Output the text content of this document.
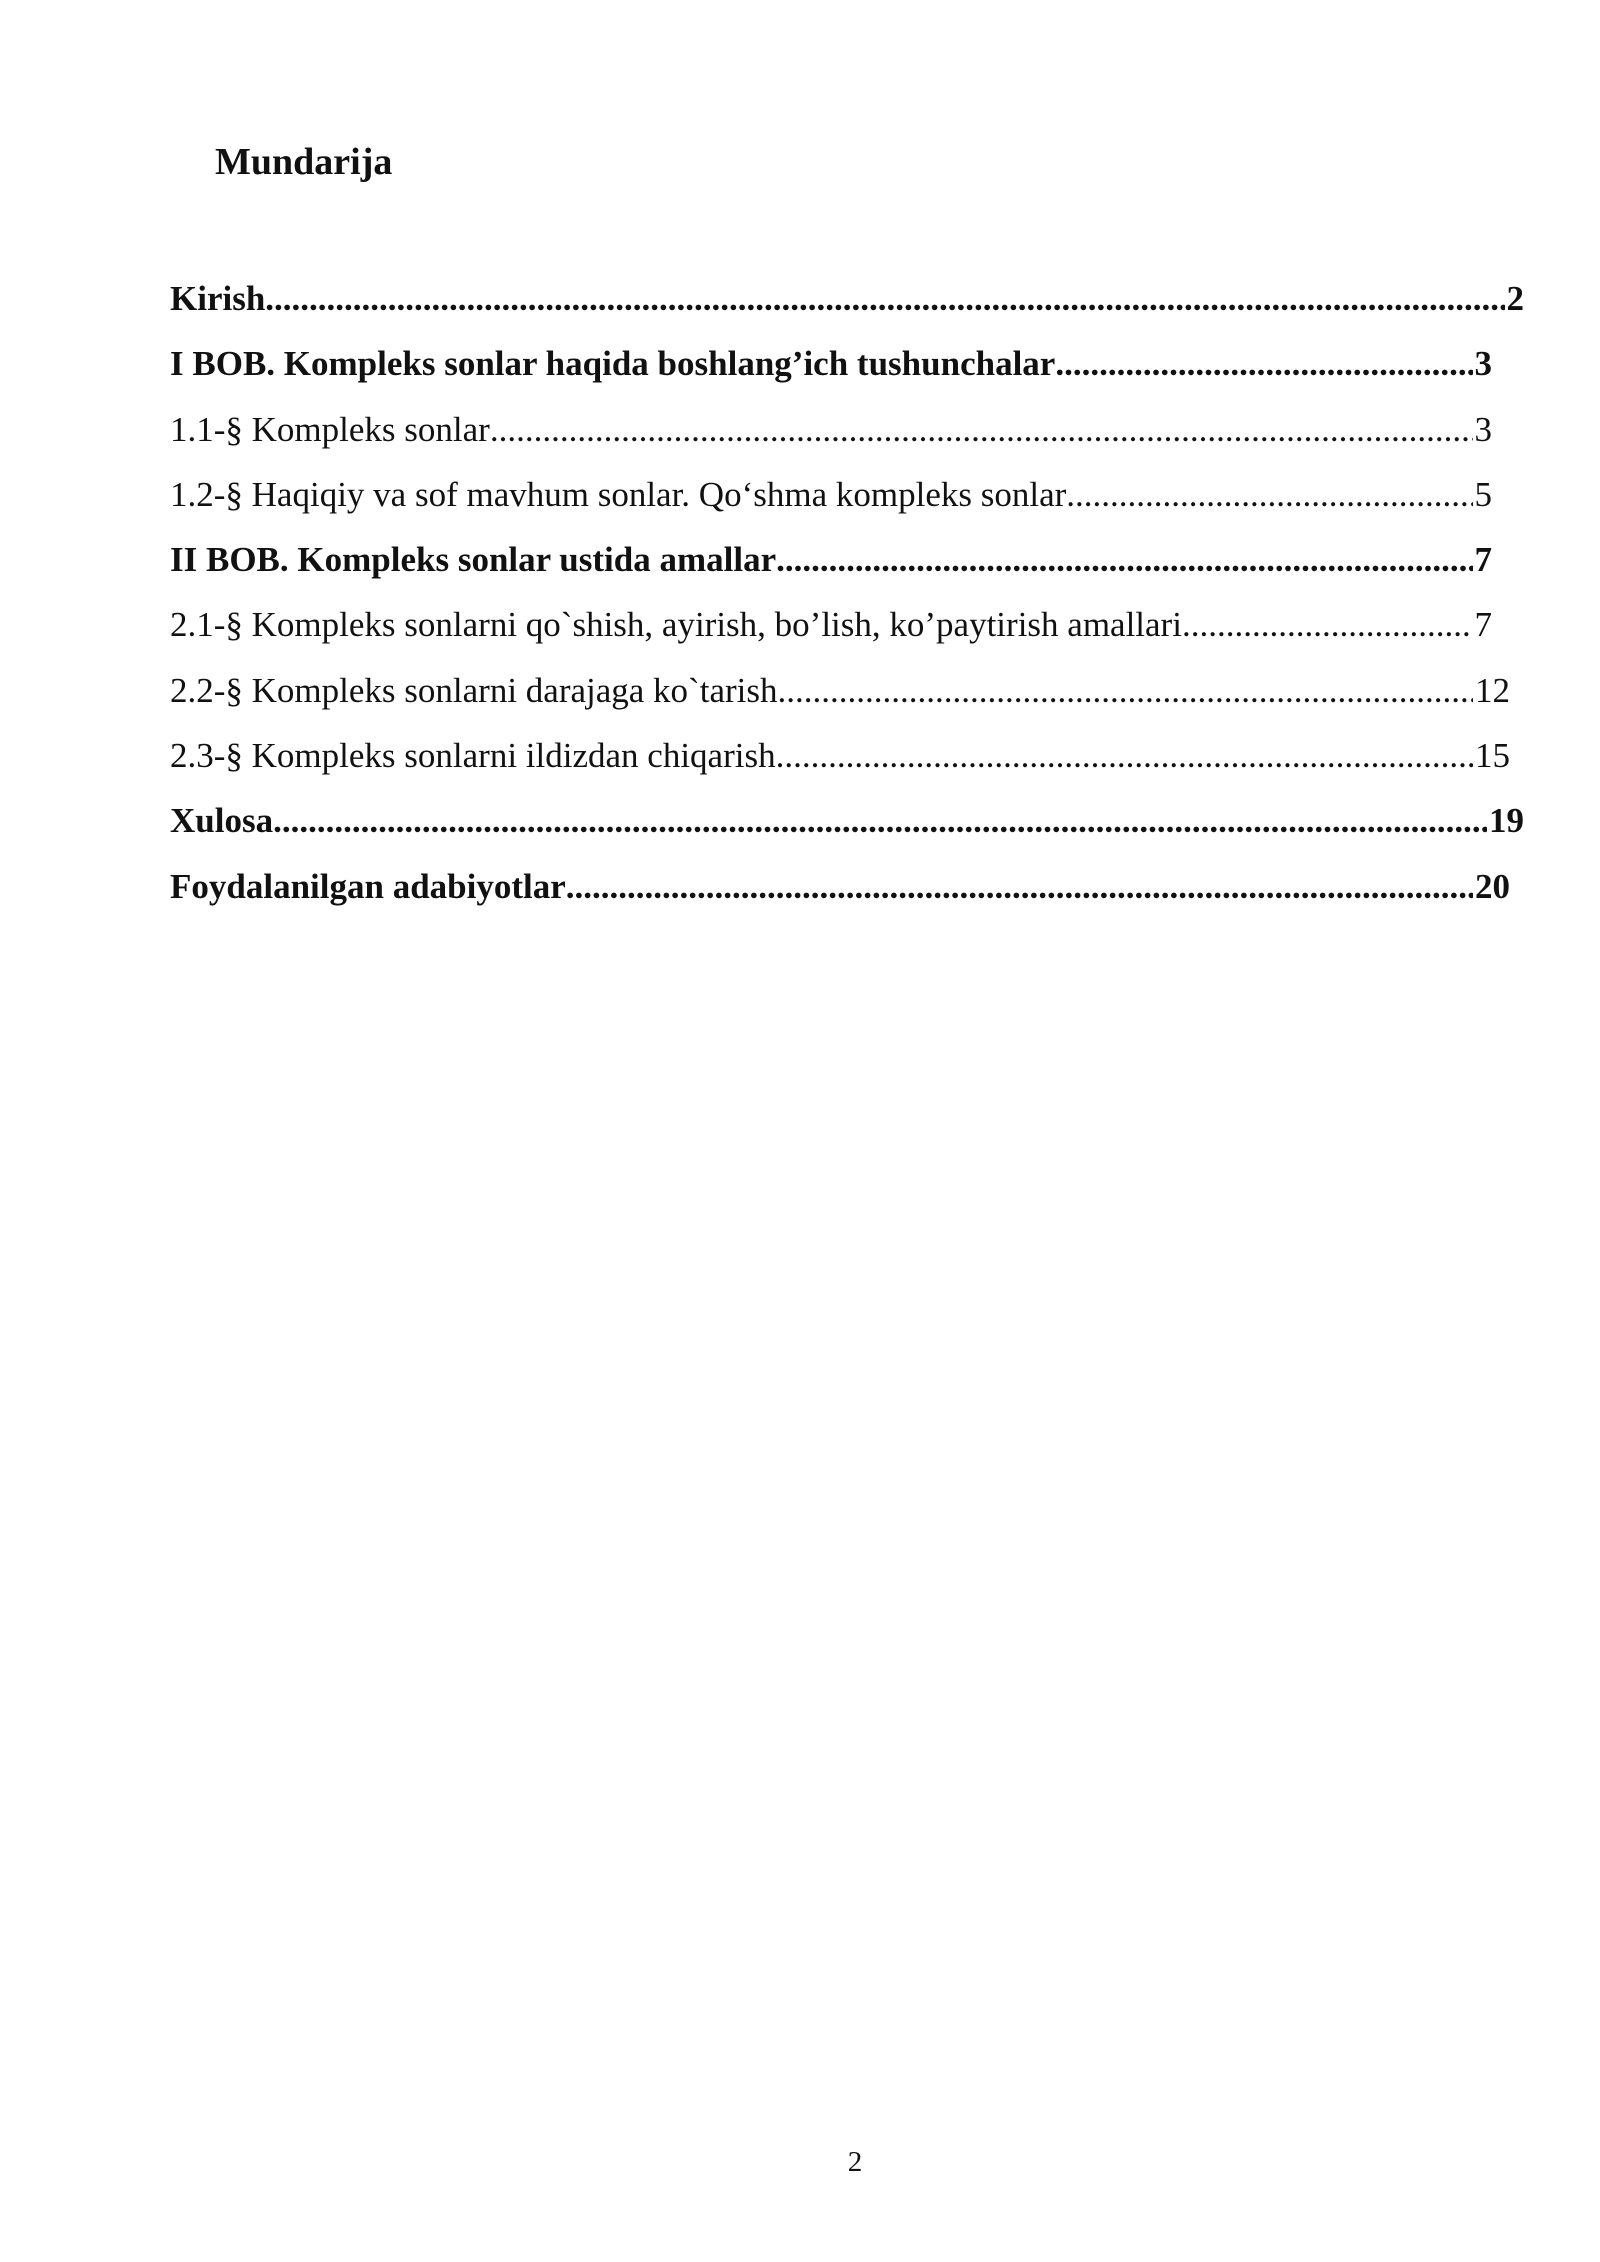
Mundarija
Kirish .....	2
I BOB. Kompleks sonlar haqida boshlang’ich tushunchalar .....	3
1.1-§ Kompleks sonlar .....	3
1.2-§ Haqiqiy va sof mavhum sonlar. Qo‘shma kompleks sonlar .....	5
II BOB. Kompleks sonlar ustida amallar .....	7
2.1-§ Kompleks sonlarni qo`shish, ayirish, bo’lish, ko’paytirish amallari .....	7
2.2-§ Kompleks sonlarni darajaga ko`tarish .....	12
2.3-§ Kompleks sonlarni ildizdan chiqarish .....	15
Xulosa .....	19
Foydalanilgan adabiyotlar .....	20
2
